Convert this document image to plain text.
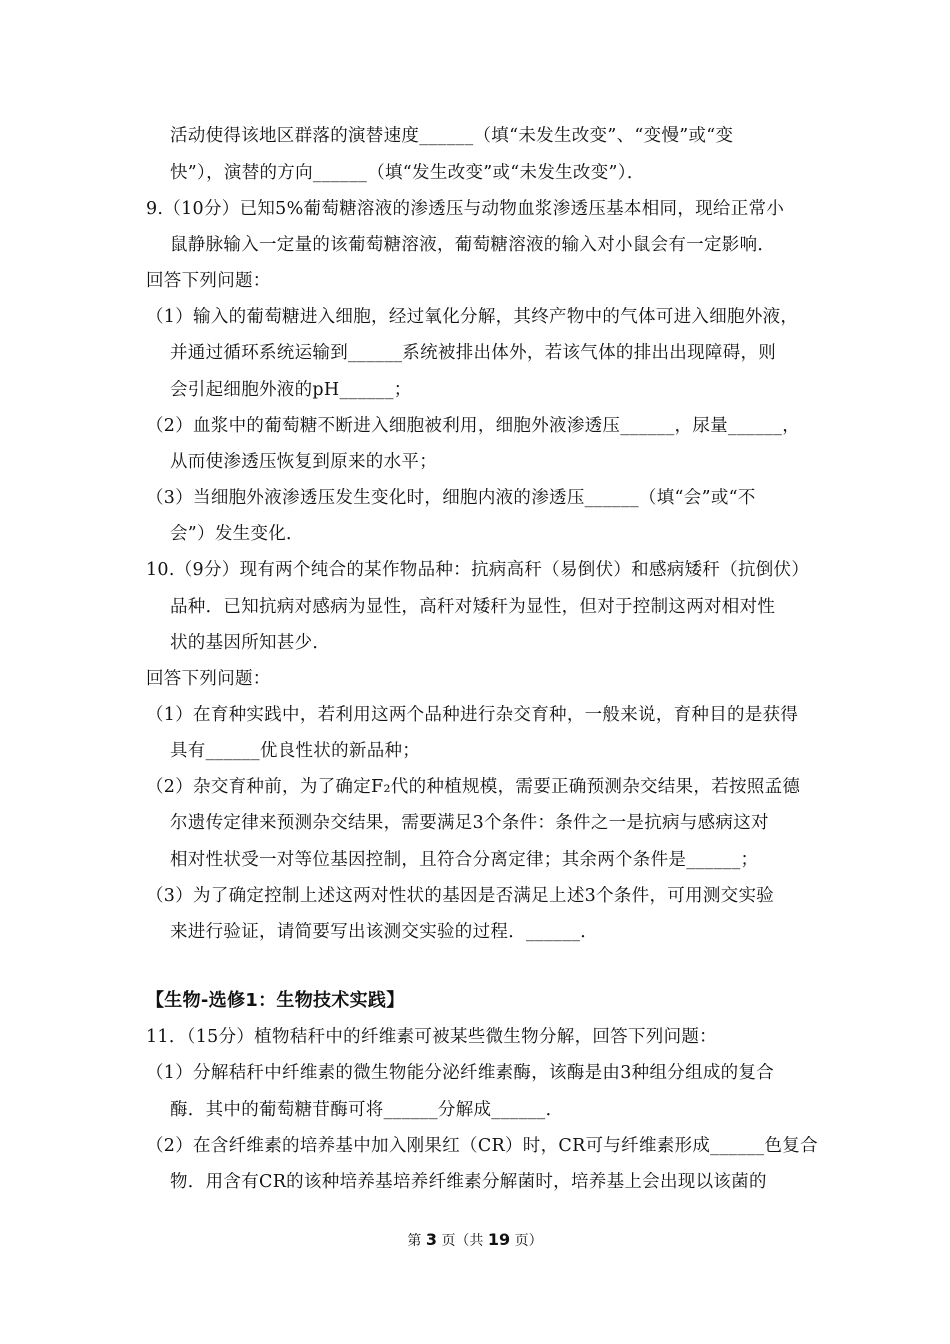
活动使得该地区群落的演替速度______（填“未发生改变”、“变慢”或“变
快”），演替的方向______（填“发生改变”或“未发生改变”）．
9.（10分）已知5%葡萄糖溶液的渗透压与动物血浆渗透压基本相同，现给正常小
鼠静脉输入一定量的该葡萄糖溶液，葡萄糖溶液的输入对小鼠会有一定影响．
回答下列问题：
（1）输入的葡萄糖进入细胞，经过氧化分解，其终产物中的气体可进入细胞外液，
并通过循环系统运输到______系统被排出体外，若该气体的排出出现障碍，则
会引起细胞外液的pH______；
（2）血浆中的葡萄糖不断进入细胞被利用，细胞外液渗透压______，尿量______，
从而使渗透压恢复到原来的水平；
（3）当细胞外液渗透压发生变化时，细胞内液的渗透压______（填“会”或“不
会”）发生变化．
10.（9分）现有两个纯合的某作物品种：抗病高秆（易倒伏）和感病矮秆（抗倒伏）
品种．已知抗病对感病为显性，高秆对矮秆为显性，但对于控制这两对相对性
状的基因所知甚少．
回答下列问题：
（1）在育种实践中，若利用这两个品种进行杂交育种，一般来说，育种目的是获得
具有______优良性状的新品种；
（2）杂交育种前，为了确定F₂代的种植规模，需要正确预测杂交结果，若按照孟德
尔遗传定律来预测杂交结果，需要满足3个条件：条件之一是抗病与感病这对
相对性状受一对等位基因控制，且符合分离定律；其余两个条件是______；
（3）为了确定控制上述这两对性状的基因是否满足上述3个条件，可用测交实验
来进行验证，请简要写出该测交实验的过程．______．
【生物-选修1：生物技术实践】
11．（15分）植物秸秆中的纤维素可被某些微生物分解，回答下列问题：
（1）分解秸秆中纤维素的微生物能分泌纤维素酶，该酶是由3种组分组成的复合
酶．其中的葡萄糖苷酶可将______分解成______．
（2）在含纤维素的培养基中加入刚果红（CR）时，CR可与纤维素形成______色复合
物．用含有CR的该种培养基培养纤维素分解菌时，培养基上会出现以该菌的
第 3 页（共 19 页）
